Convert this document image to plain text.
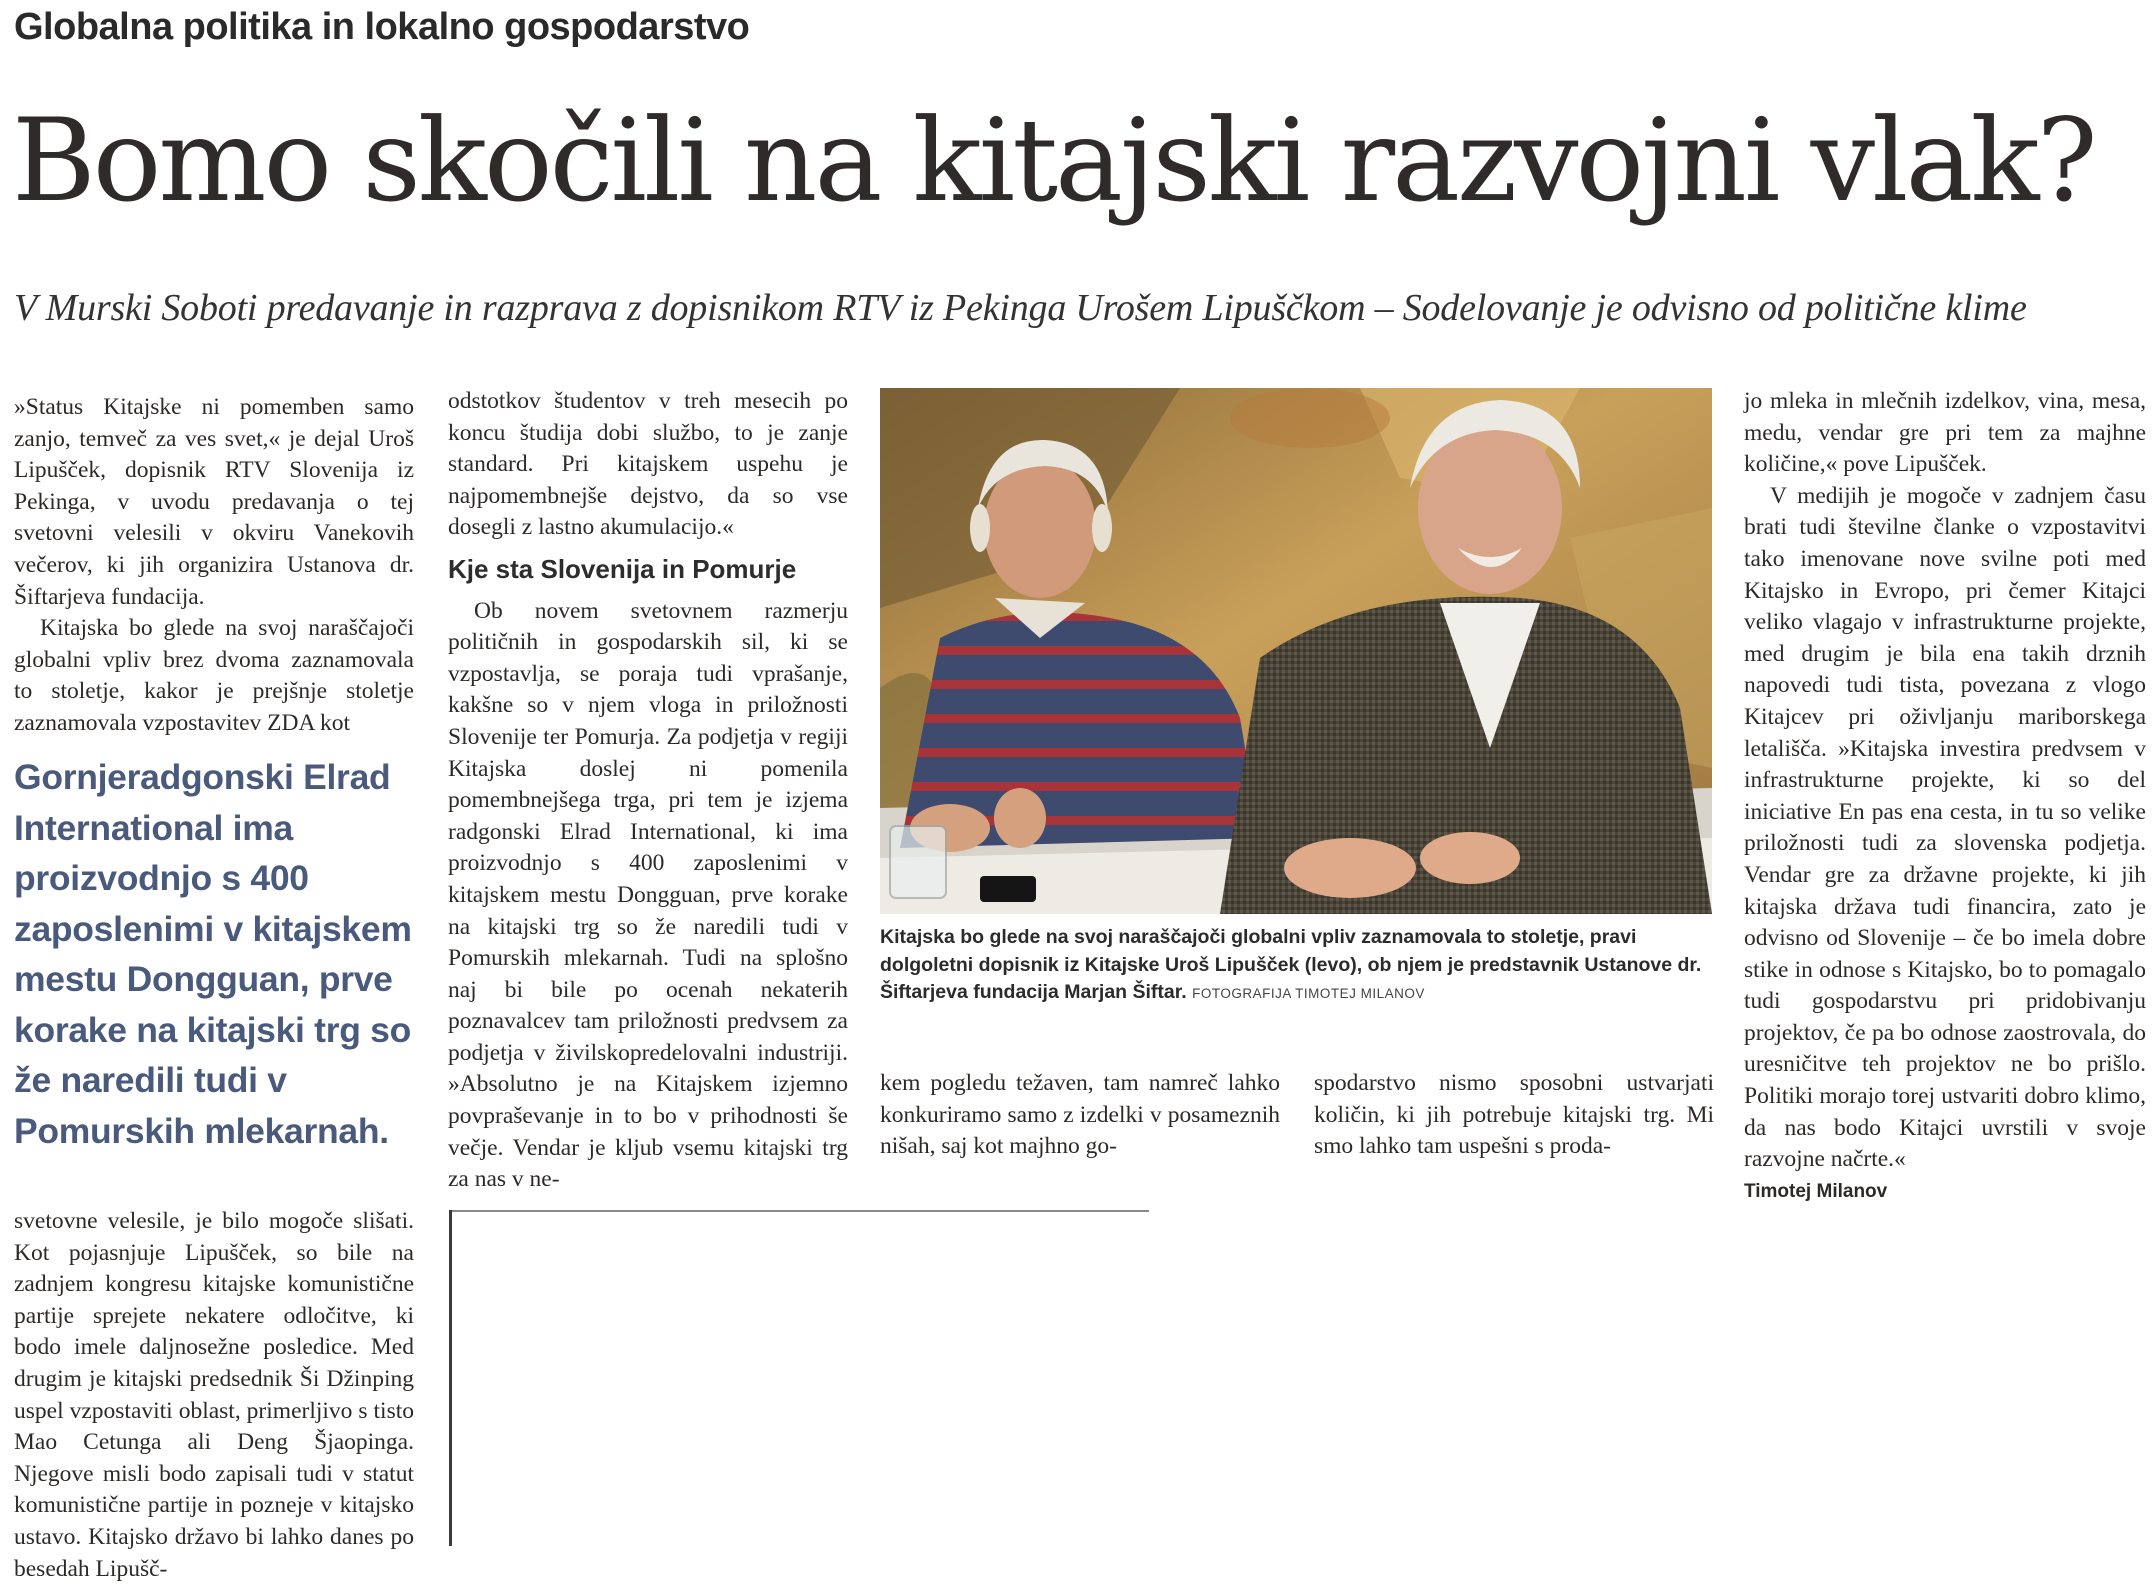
Globalna politika in lokalno gospodarstvo
Bomo skočili na kitajski razvojni vlak?
V Murski Soboti predavanje in razprava z dopisnikom RTV iz Pekinga Urošem Lipuščkom – Sodelovanje je odvisno od politične klime

»Status Kitajske ni pomemben samo zanjo, temveč za ves svet,« je dejal Uroš Lipušček, dopisnik RTV Slovenija iz Pekinga, v uvodu predavanja o tej svetovni velesili v okviru Vanekovih večerov, ki jih organizira Ustanova dr. Šiftarjeva fundacija.

Kitajska bo glede na svoj naraščajoči globalni vpliv brez dvoma zaznamovala to stoletje, kakor je prejšnje stoletje zaznamovala vzpostavitev ZDA kot

Gornjeradgonski Elrad International ima proizvodnjo s 400 zaposlenimi v kitajskem mestu Dongguan, prve korake na kitajski trg so že naredili tudi v Pomurskih mlekarnah.

svetovne velesile, je bilo mogoče slišati. Kot pojasnjuje Lipušček, so bile na zadnjem kongresu kitajske komunistične partije sprejete nekatere odločitve, ki bodo imele daljnosežne posledice. Med drugim je kitajski predsednik Ši Džinping uspel vzpostaviti oblast, primerljivo s tisto Mao Cetunga ali Deng Šjaopinga. Njegove misli bodo zapisali tudi v statut komunistične partije in pozneje v kitajsko ustavo. Kitajsko državo bi lahko danes po besedah Lipušč-

odstotkov študentov v treh mesecih po koncu študija dobi službo, to je zanje standard. Pri kitajskem uspehu je najpomembnejše dejstvo, da so vse dosegli z lastno akumulacijo.«

Kje sta Slovenija in Pomurje

Ob novem svetovnem razmerju političnih in gospodarskih sil, ki se vzpostavlja, se poraja tudi vprašanje, kakšne so v njem vloga in priložnosti Slovenije ter Pomurja. Za podjetja v regiji Kitajska doslej ni pomenila pomembnejšega trga, pri tem je izjema radgonski Elrad International, ki ima proizvodnjo s 400 zaposlenimi v kitajskem mestu Dongguan, prve korake na kitajski trg so že naredili tudi v Pomurskih mlekarnah. Tudi na splošno naj bi bile po ocenah nekaterih poznavalcev tam priložnosti predvsem za podjetja v živilskopredelovalni industriji. »Absolutno je na Kitajskem izjemno povpraševanje in to bo v prihodnosti še večje. Vendar je kljub vsemu kitajski trg za nas v ne-

Kitajska bo glede na svoj naraščajoči globalni vpliv zaznamovala to stoletje, pravi dolgoletni dopisnik iz Kitajske Uroš Lipušček (levo), ob njem je predstavnik Ustanove dr. Šiftarjeva fundacija Marjan Šiftar. FOTOGRAFIJA TIMOTEJ MILANOV

kem pogledu težaven, tam namreč lahko konkuriramo samo z izdelki v posameznih nišah, saj kot majhno go-

spodarstvo nismo sposobni ustvarjati količin, ki jih potrebuje kitajski trg. Mi smo lahko tam uspešni s proda-

jo mleka in mlečnih izdelkov, vina, mesa, medu, vendar gre pri tem za majhne količine,« pove Lipušček.

V medijih je mogoče v zadnjem času brati tudi številne članke o vzpostavitvi tako imenovane nove svilne poti med Kitajsko in Evropo, pri čemer Kitajci veliko vlagajo v infrastrukturne projekte, med drugim je bila ena takih drznih napovedi tudi tista, povezana z vlogo Kitajcev pri oživljanju mariborskega letališča. »Kitajska investira predvsem v infrastrukturne projekte, ki so del iniciative En pas ena cesta, in tu so velike priložnosti tudi za slovenska podjetja. Vendar gre za državne projekte, ki jih kitajska država tudi financira, zato je odvisno od Slovenije – če bo imela dobre stike in odnose s Kitajsko, bo to pomagalo tudi gospodarstvu pri pridobivanju projektov, če pa bo odnose zaostrovala, do uresničitve teh projektov ne bo prišlo. Politiki morajo torej ustvariti dobro klimo, da nas bodo Kitajci uvrstili v svoje razvojne načrte.«

Timotej Milanov
